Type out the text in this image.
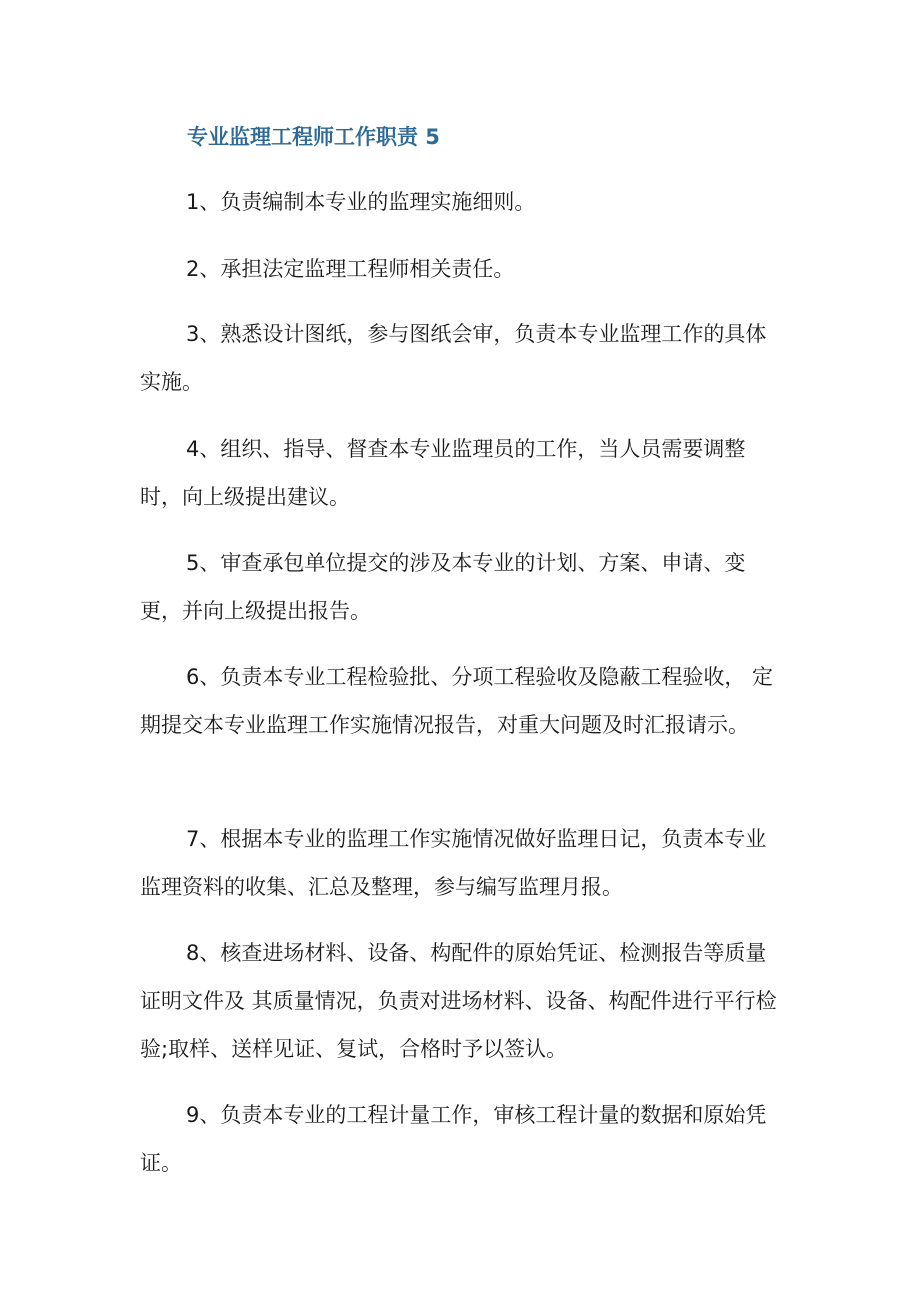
专业监理工程师工作职责 5

1、负责编制本专业的监理实施细则。

2、承担法定监理工程师相关责任。

3、熟悉设计图纸，参与图纸会审，负责本专业监理工作的具体实施。

4、组织、指导、督查本专业监理员的工作，当人员需要调整时，向上级提出建议。

5、审查承包单位提交的涉及本专业的计划、方案、申请、变更，并向上级提出报告。

6、负责本专业工程检验批、分项工程验收及隐蔽工程验收， 定期提交本专业监理工作实施情况报告，对重大问题及时汇报请示。

7、根据本专业的监理工作实施情况做好监理日记，负责本专业监理资料的收集、汇总及整理，参与编写监理月报。

8、核查进场材料、设备、构配件的原始凭证、检测报告等质量证明文件及 其质量情况，负责对进场材料、设备、构配件进行平行检验;取样、送样见证、复试，合格时予以签认。

9、负责本专业的工程计量工作，审核工程计量的数据和原始凭证。
